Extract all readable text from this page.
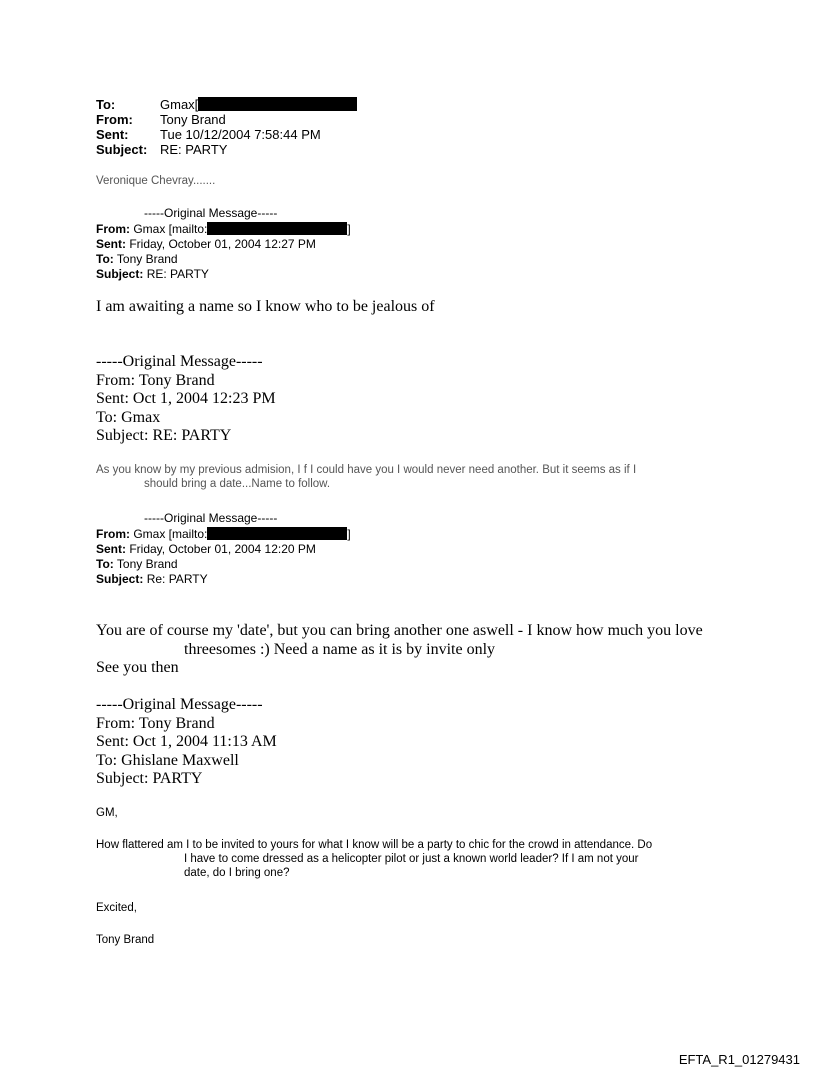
To:	Gmax[
From:	Tony Brand
Sent:	Tue 10/12/2004 7:58:44 PM
Subject: RE: PARTY
Veronique Chevray.......
-----Original Message-----
From: Gmax [mailto:	]
Sent: Friday, October 01, 2004 12:27 PM
To: Tony Brand
Subject: RE: PARTY
I am awaiting a name so I know who to be jealous of
-----Original Message-----
From: Tony Brand
Sent: Oct 1, 2004 12:23 PM
To: Gmax
Subject: RE: PARTY
As you know by my previous admision, I f I could have you I would never need another. But it seems as if I
should bring a date...Name to follow.
-----Original Message-----
From: Gmax [mailto:	]
Sent: Friday, October 01, 2004 12:20 PM
To: Tony Brand
Subject: Re: PARTY
You are of course my 'date', but you can bring another one aswell - I know how much you love
threesomes :) Need a name as it is by invite only
See you then
-----Original Message-----
From: Tony Brand
Sent: Oct 1, 2004 11:13 AM
To: Ghislane Maxwell
Subject: PARTY
GM,
How flattered am I to be invited to yours for what I know will be a party to chic for the crowd in attendance. Do
I have to come dressed as a helicopter pilot or just a known world leader? If I am not your
date, do I bring one?
Excited,
Tony Brand
EFTA_R1_01279431
